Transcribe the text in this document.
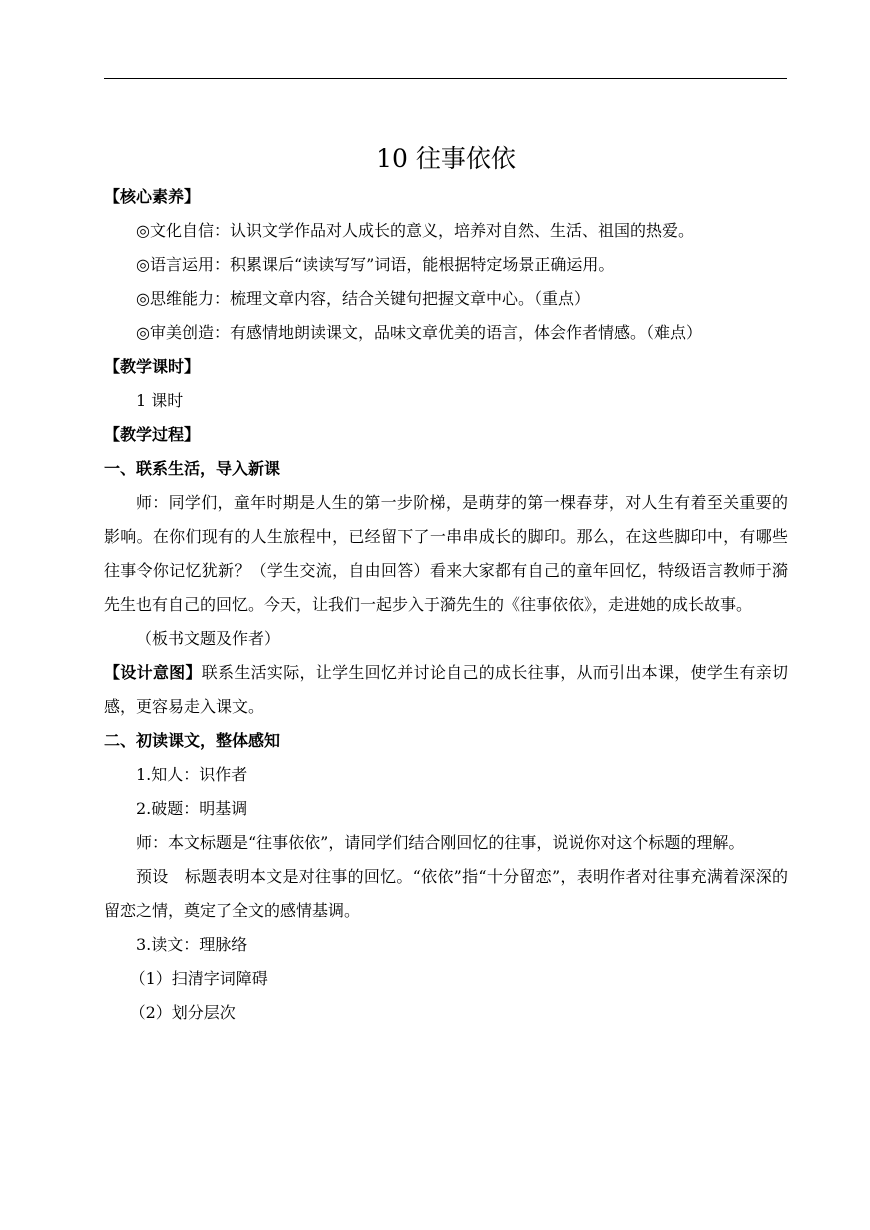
10 往事依依

【核心素养】

◎文化自信：认识文学作品对人成长的意义，培养对自然、生活、祖国的热爱。

◎语言运用：积累课后“读读写写”词语，能根据特定场景正确运用。

◎思维能力：梳理文章内容，结合关键句把握文章中心。（重点）

◎审美创造：有感情地朗读课文，品味文章优美的语言，体会作者情感。（难点）

【教学课时】

1 课时

【教学过程】

一、联系生活，导入新课

师：同学们，童年时期是人生的第一步阶梯，是萌芽的第一棵春芽，对人生有着至关重要的影响。在你们现有的人生旅程中，已经留下了一串串成长的脚印。那么，在这些脚印中，有哪些往事令你记忆犹新？（学生交流，自由回答）看来大家都有自己的童年回忆，特级语言教师于漪先生也有自己的回忆。今天，让我们一起步入于漪先生的《往事依依》，走进她的成长故事。

（板书文题及作者）

【设计意图】联系生活实际，让学生回忆并讨论自己的成长往事，从而引出本课，使学生有亲切感，更容易走入课文。

二、初读课文，整体感知

1.知人：识作者

2.破题：明基调

师：本文标题是“往事依依”，请同学们结合刚回忆的往事，说说你对这个标题的理解。

预设　标题表明本文是对往事的回忆。“依依”指“十分留恋”，表明作者对往事充满着深深的留恋之情，奠定了全文的感情基调。

3.读文：理脉络

（1）扫清字词障碍

（2）划分层次
